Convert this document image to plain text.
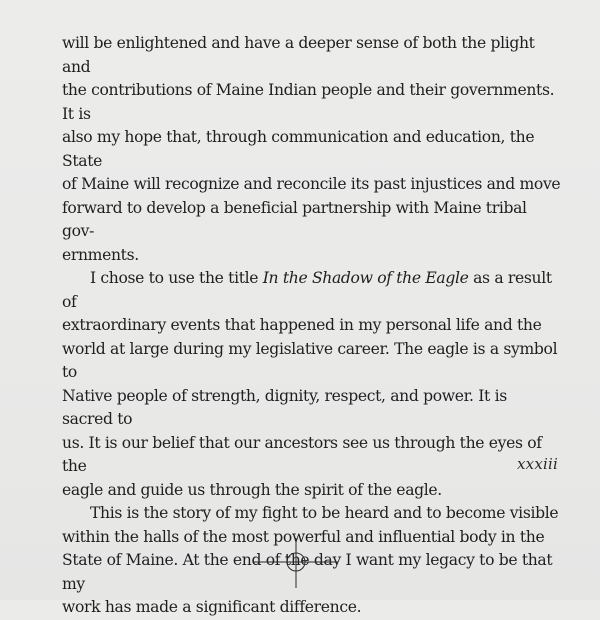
will be enlightened and have a deeper sense of both the plight and
the contributions of Maine Indian people and their governments. It is
also my hope that, through communication and education, the State
of Maine will recognize and reconcile its past injustices and move
forward to develop a beneficial partnership with Maine tribal gov-
ernments.

I chose to use the title In the Shadow of the Eagle as a result of
extraordinary events that happened in my personal life and the
world at large during my legislative career. The eagle is a symbol to
Native people of strength, dignity, respect, and power. It is sacred to
us. It is our belief that our ancestors see us through the eyes of the
eagle and guide us through the spirit of the eagle.

This is the story of my fight to be heard and to become visible
within the halls of the most powerful and influential body in the
State of Maine. At the end of the day I want my legacy to be that my
work has made a significant difference.

xxxiii
